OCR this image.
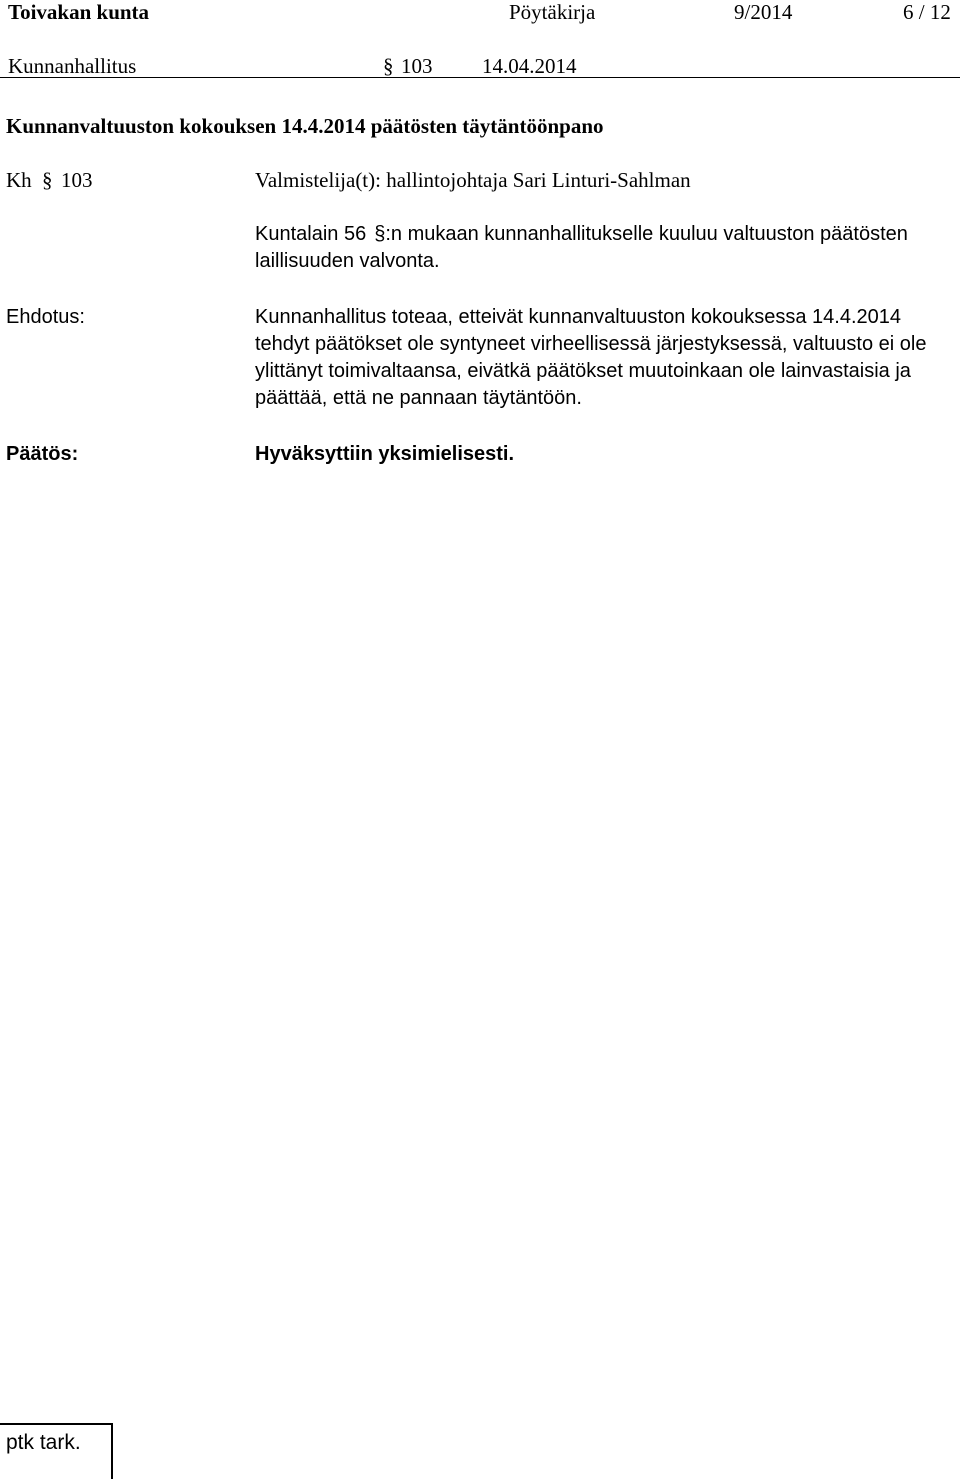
Toivakan kunta	Pöytäkirja	9/2014	6 / 12
Kunnanhallitus	§ 103 14.04.2014
Kunnanvaltuuston kokouksen 14.4.2014 päätösten täytäntöönpano
Kh § 103	Valmistelija(t): hallintojohtaja Sari Linturi-Sahlman
Kuntalain 56 §:n mukaan kunnanhallitukselle kuuluu valtuuston päätösten
laillisuuden valvonta.
Ehdotus:	Kunnanhallitus toteaa, etteivät kunnanvaltuuston kokouksessa 14.4.2014
tehdyt päätökset ole syntyneet virheellisessä järjestyksessä, valtuusto ei ole
ylittänyt toimivaltaansa, eivätkä päätökset muutoinkaan ole lainvastaisia ja
päättää, että ne pannaan täytäntöön.
Päätös:	Hyväksyttiin yksimielisesti.
ptk tark.
